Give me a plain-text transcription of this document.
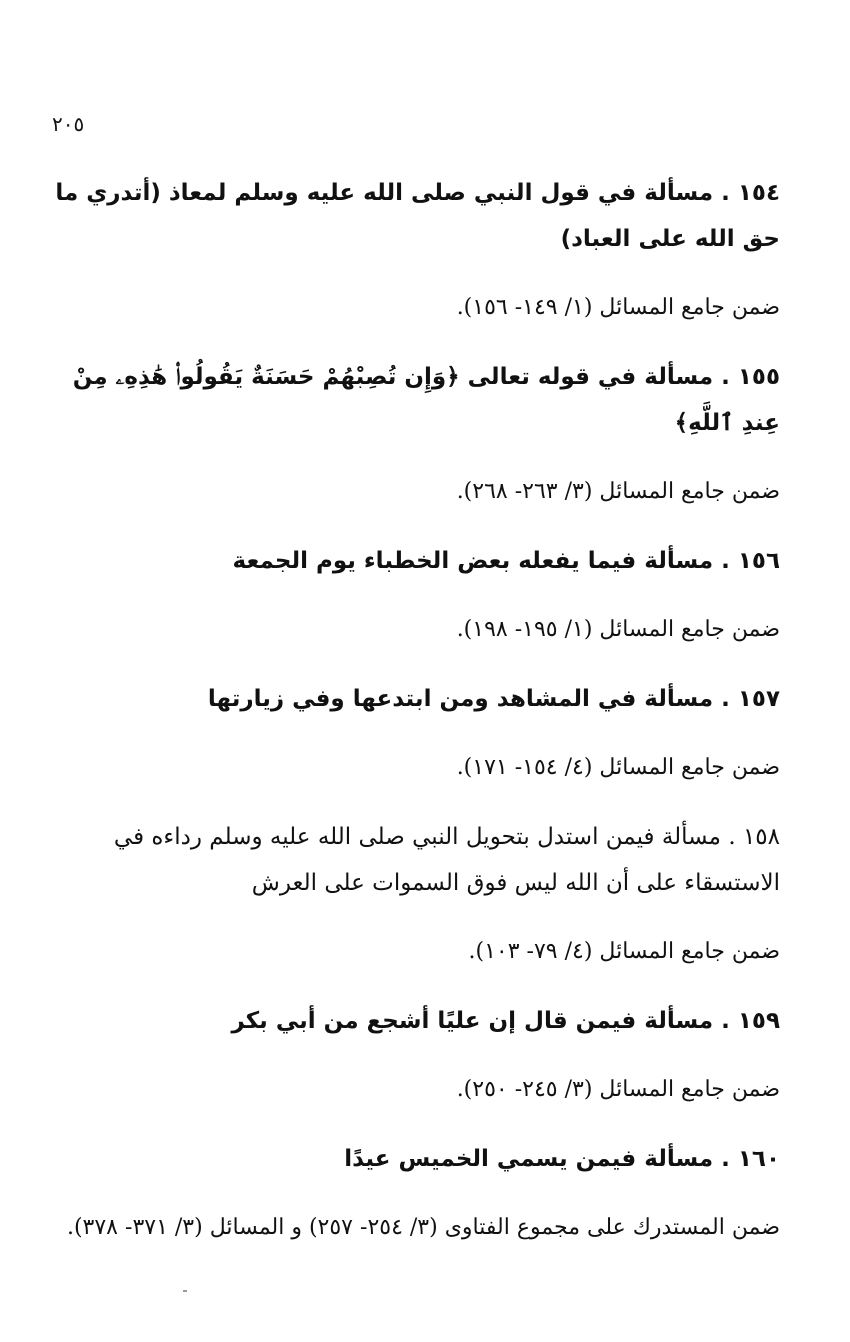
٢٠٥

١٥٤ . مسألة في قول النبي صلى الله عليه وسلم لمعاذ (أتدري ما حق الله على العباد)

ضمن جامع المسائل (١/ ١٤٩- ١٥٦).

١٥٥ . مسألة في قوله تعالى ﴿وَإِن تُصِبْهُمْ حَسَنَةٌ يَقُولُوا۟ هَٰذِهِۦ مِنْ عِندِ ٱللَّهِ﴾

ضمن جامع المسائل (٣/ ٢٦٣- ٢٦٨).

١٥٦ . مسألة فيما يفعله بعض الخطباء يوم الجمعة

ضمن جامع المسائل (١/ ١٩٥- ١٩٨).

١٥٧ . مسألة في المشاهد ومن ابتدعها وفي زيارتها

ضمن جامع المسائل (٤/ ١٥٤- ١٧١).

١٥٨ . مسألة فيمن استدل بتحويل النبي صلى الله عليه وسلم رداءه في الاستسقاء على أن الله ليس فوق السموات على العرش

ضمن جامع المسائل (٤/ ٧٩- ١٠٣).

١٥٩ . مسألة فيمن قال إن عليًا أشجع من أبي بكر

ضمن جامع المسائل (٣/ ٢٤٥- ٢٥٠).

١٦٠ . مسألة فيمن يسمي الخميس عيدًا

ضمن المستدرك على مجموع الفتاوى (٣/ ٢٥٤- ٢٥٧) و المسائل (٣/ ٣٧١- ٣٧٨).
